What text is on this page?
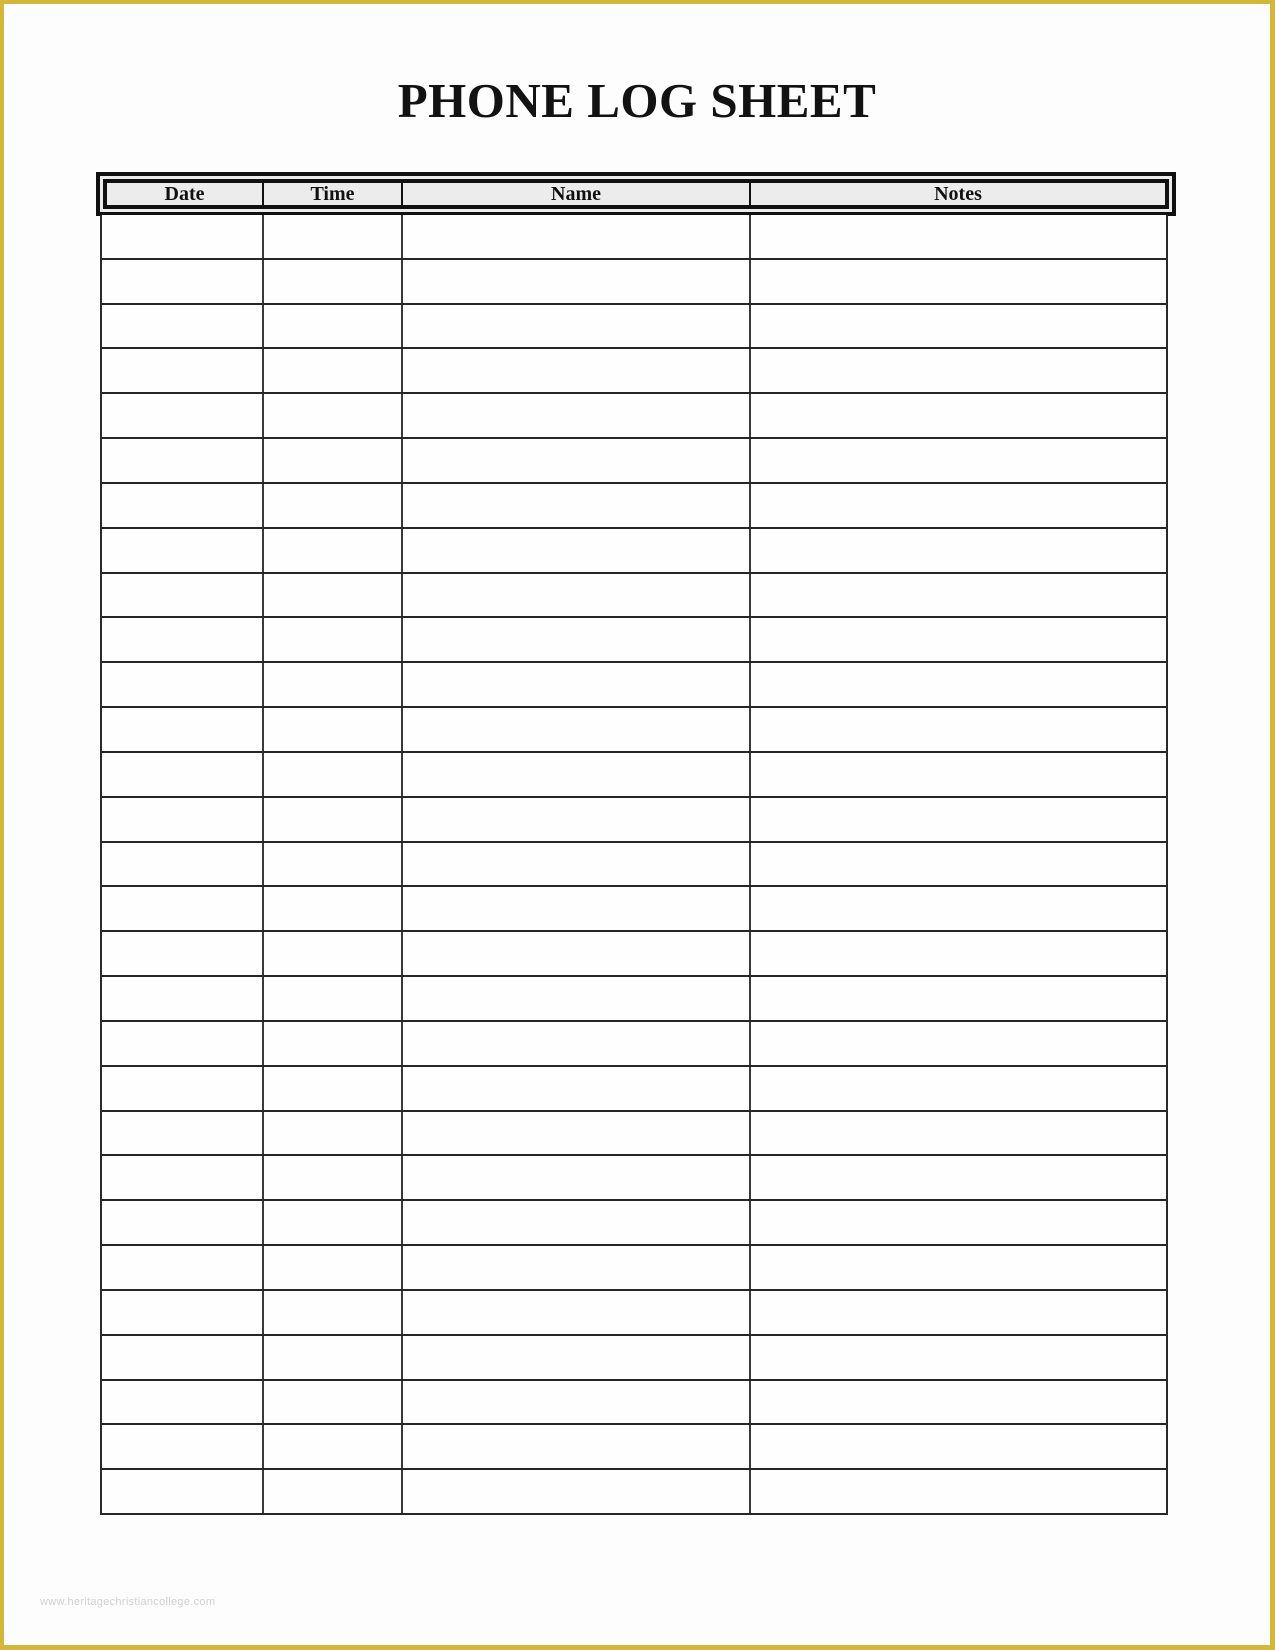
PHONE LOG SHEET
Date	Time	Name	Notes
www.heritagechristiancollege.com
